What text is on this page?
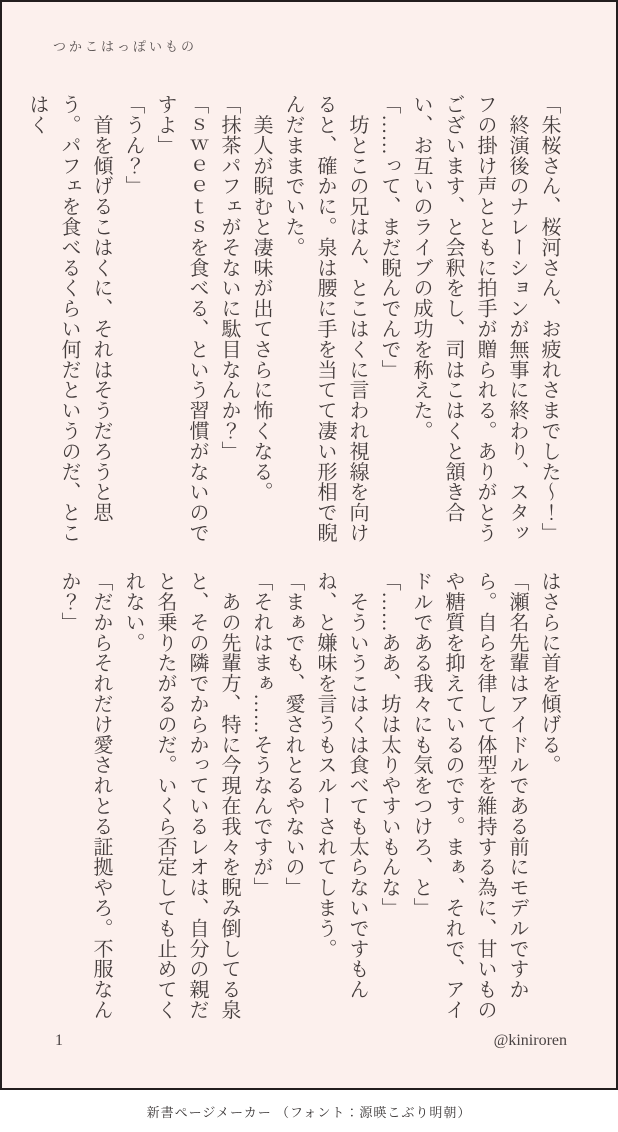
つかこはっぽいもの

「朱桜さん、桜河さん、お疲れさまでした～！」

　終演後のナレーションが無事に終わり、スタッフの掛け声とともに拍手が贈られる。ありがとうございます、と会釈をし、司はこはくと頷き合い、お互いのライブの成功を称えた。

「……って、まだ睨んでんで」

　坊とこの兄はん、とこはくに言われ視線を向けると、確かに。泉は腰に手を当てて凄い形相で睨んだままでいた。

　美人が睨むと凄味が出てさらに怖くなる。

「抹茶パフェがそないに駄目なんか？」

「ｓｗｅｅｔｓを食べる、という習慣がないのですよ」

「うん？」

　首を傾げるこはくに、それはそうだろうと思う。パフェを食べるくらい何だというのだ、とこはく

はさらに首を傾げる。

「瀬名先輩はアイドルである前にモデルですから。自らを律して体型を維持する為に、甘いものや糖質を抑えているのです。まぁ、それで、アイドルである我々にも気をつけろ、と」

「……ああ、坊は太りやすいもんな」

　そういうこはくは食べても太らないですもんね、と嫌味を言うもスルーされてしまう。

「まぁでも、愛されとるやないの」

「それはまぁ……そうなんですが」

　あの先輩方、特に今現在我々を睨み倒してる泉と、その隣でからかっているレオは、自分の親だと名乗りたがるのだ。いくら否定しても止めてくれない。

「だからそれだけ愛されとる証拠やろ。不服なんか？」

1	@kiniroren
新書ページメーカー （フォント：源暎こぶり明朝）
